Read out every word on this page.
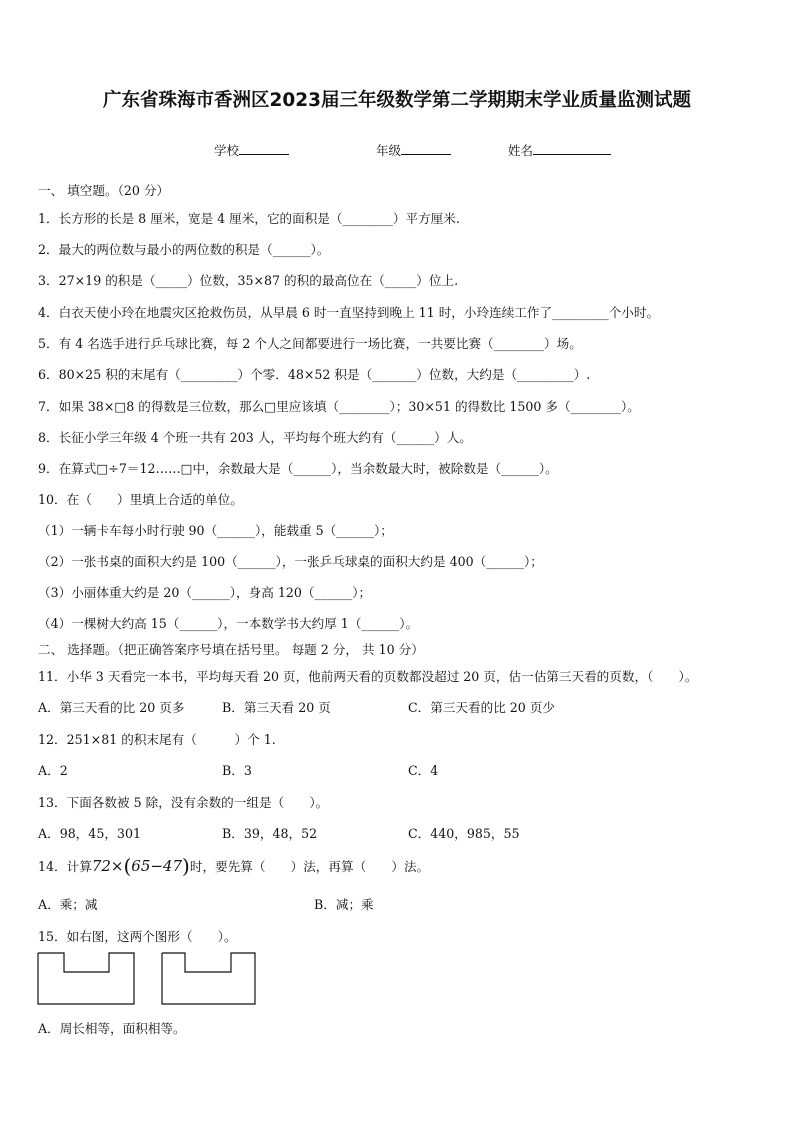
广东省珠海市香洲区2023届三年级数学第二学期期末学业质量监测试题
学校	年级	姓名
一、 填空题。（20 分）
1．长方形的长是 8 厘米，宽是 4 厘米，它的面积是（________）平方厘米.
2．最大的两位数与最小的两位数的积是（______）。
3．27×19 的积是（_____）位数，35×87 的积的最高位在（_____）位上.
4．白衣天使小玲在地震灾区抢救伤员，从早晨 6 时一直坚持到晚上 11 时，小玲连续工作了_________个小时。
5．有 4 名选手进行乒乓球比赛，每 2 个人之间都要进行一场比赛，一共要比赛（________）场。
6．80×25 积的末尾有（_________）个零．48×52 积是（_______）位数，大约是（_________）.
7．如果 38×□8 的得数是三位数，那么□里应该填（________）；30×51 的得数比 1500 多（________）。
8．长征小学三年级 4 个班一共有 203 人，平均每个班大约有（______）人。
9．在算式□÷7＝12……□中，余数最大是（______），当余数最大时，被除数是（______）。
10．在（　　）里填上合适的单位。
（1）一辆卡车每小时行驶 90（______），能载重 5（______）；
（2）一张书桌的面积大约是 100（______），一张乒乓球桌的面积大约是 400（______）；
（3）小丽体重大约是 20（______），身高 120（______）；
（4）一棵树大约高 15（______），一本数学书大约厚 1（______）。
二、 选择题。（把正确答案序号填在括号里。 每题 2 分， 共 10 分）
11．小华 3 天看完一本书，平均每天看 20 页，他前两天看的页数都没超过 20 页，估一估第三天看的页数，（　　）。
A．第三天看的比 20 页多	B．第三天看 20 页	C．第三天看的比 20 页少
12．251×81 的积末尾有（　　　）个 1.
A．2	B．3	C．4
13．下面各数被 5 除，没有余数的一组是（　　）。
A．98，45，301	B．39，48，52	C．440，985，55
14．计算72×(65−47)时，要先算（　　）法，再算（　　）法。
A．乘；减	B．减；乘
15．如右图，这两个图形（　　）。
A．周长相等，面积相等。
